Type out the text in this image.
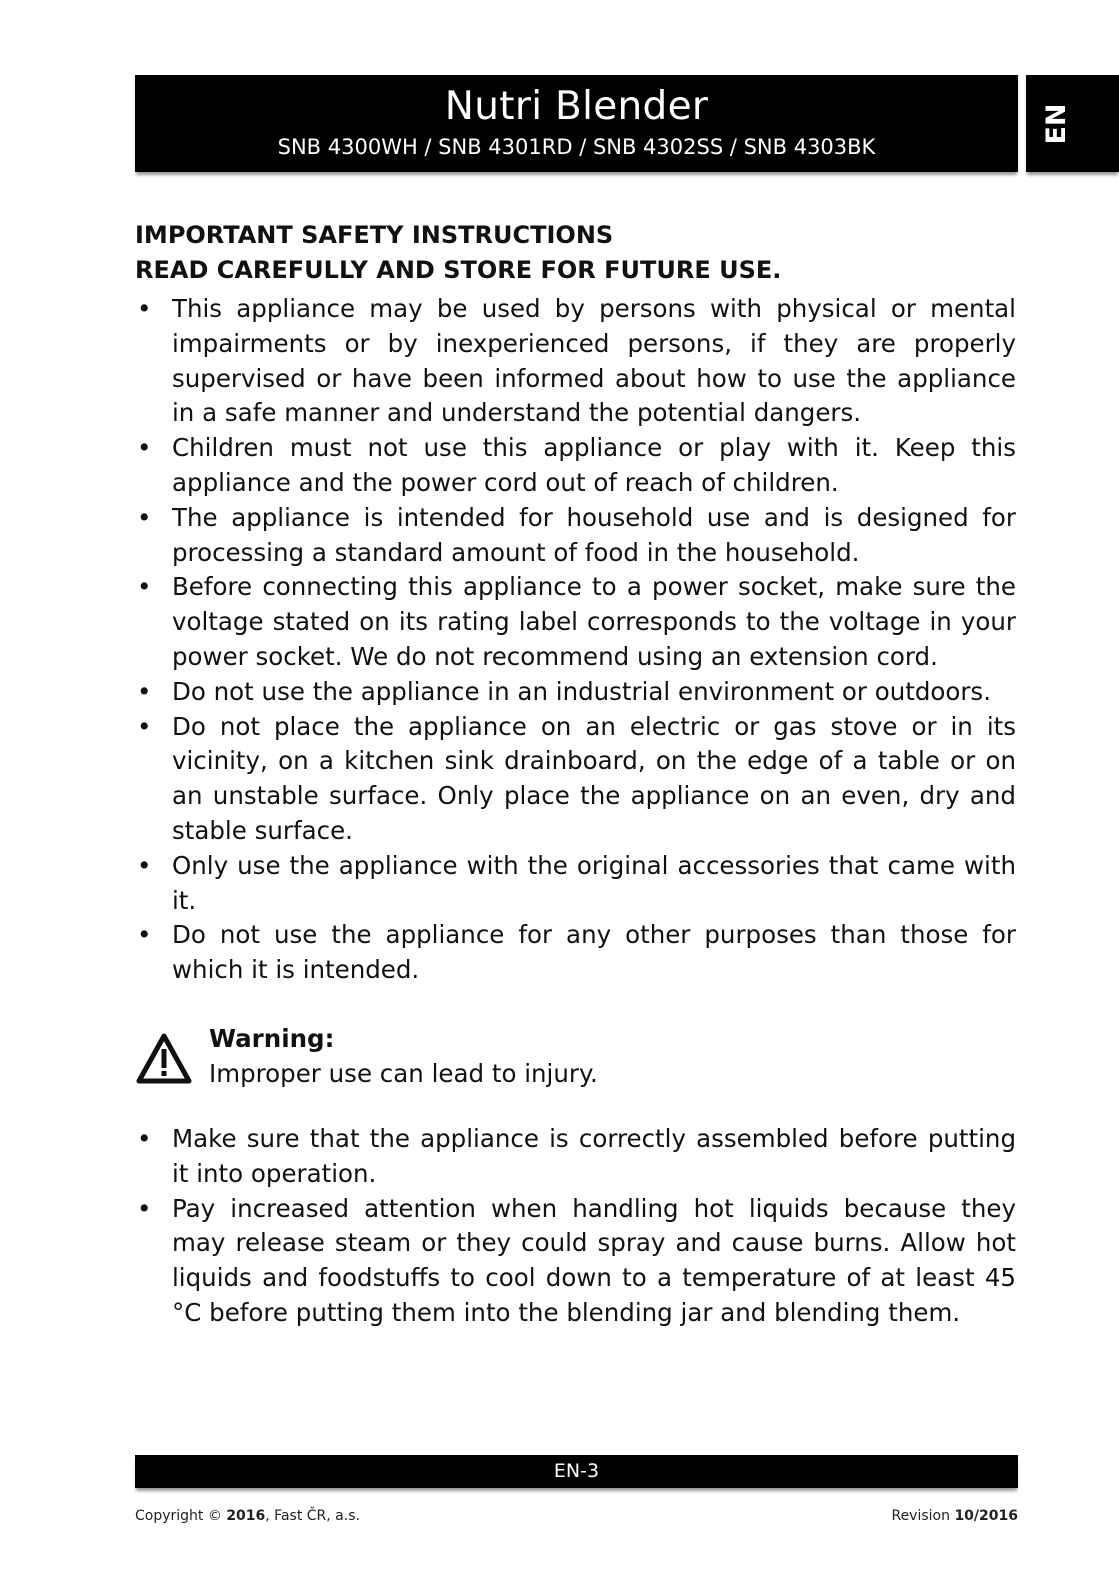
Nutri Blender
SNB 4300WH / SNB 4301RD / SNB 4302SS / SNB 4303BK
EN

IMPORTANT SAFETY INSTRUCTIONS

READ CAREFULLY AND STORE FOR FUTURE USE.

• This appliance may be used by persons with physical or mental impairments or by inexperienced persons, if they are properly supervised or have been informed about how to use the appliance in a safe manner and understand the potential dangers.
• Children must not use this appliance or play with it. Keep this appliance and the power cord out of reach of children.
• The appliance is intended for household use and is designed for processing a standard amount of food in the household.
• Before connecting this appliance to a power socket, make sure the voltage stated on its rating label corresponds to the voltage in your power socket. We do not recommend using an extension cord.
• Do not use the appliance in an industrial environment or outdoors.
• Do not place the appliance on an electric or gas stove or in its vicinity, on a kitchen sink drainboard, on the edge of a table or on an unstable surface. Only place the appliance on an even, dry and stable surface.
• Only use the appliance with the original accessories that came with it.
• Do not use the appliance for any other purposes than those for which it is intended.
Warning:
Improper use can lead to injury.
• Make sure that the appliance is correctly assembled before putting it into operation.
• Pay increased attention when handling hot liquids because they may release steam or they could spray and cause burns. Allow hot liquids and foodstuffs to cool down to a temperature of at least 45 °C before putting them into the blending jar and blending them.
EN-3
Copyright © 2016, Fast ČR, a.s.	Revision 10/2016
